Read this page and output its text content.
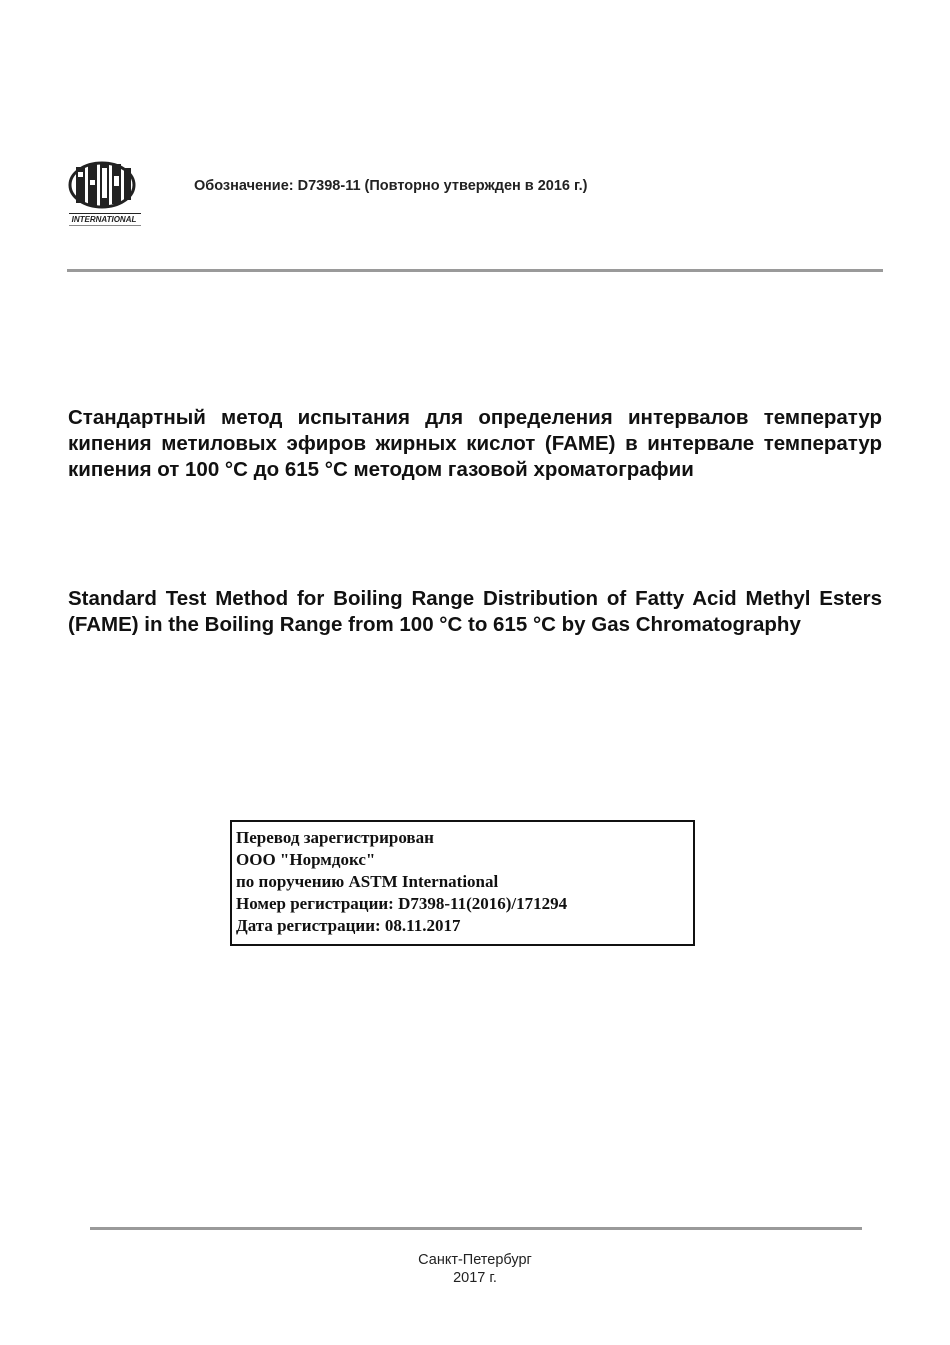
INTERNATIONAL
Обозначение: D7398-11 (Повторно утвержден в 2016 г.)
Стандартный метод испытания для определения интервалов температур кипения метиловых эфиров жирных кислот (FAME) в интервале температур кипения от 100 °C до 615 °C методом газовой хроматографии
Standard Test Method for Boiling Range Distribution of Fatty Acid Methyl Esters (FAME) in the Boiling Range from 100 °C to 615 °C by Gas Chromatography
Перевод зарегистрирован
ООО "Нормдокс"
по поручению ASTM International
Номер регистрации: D7398-11(2016)/171294
Дата регистрации: 08.11.2017
Санкт-Петербург
2017 г.
